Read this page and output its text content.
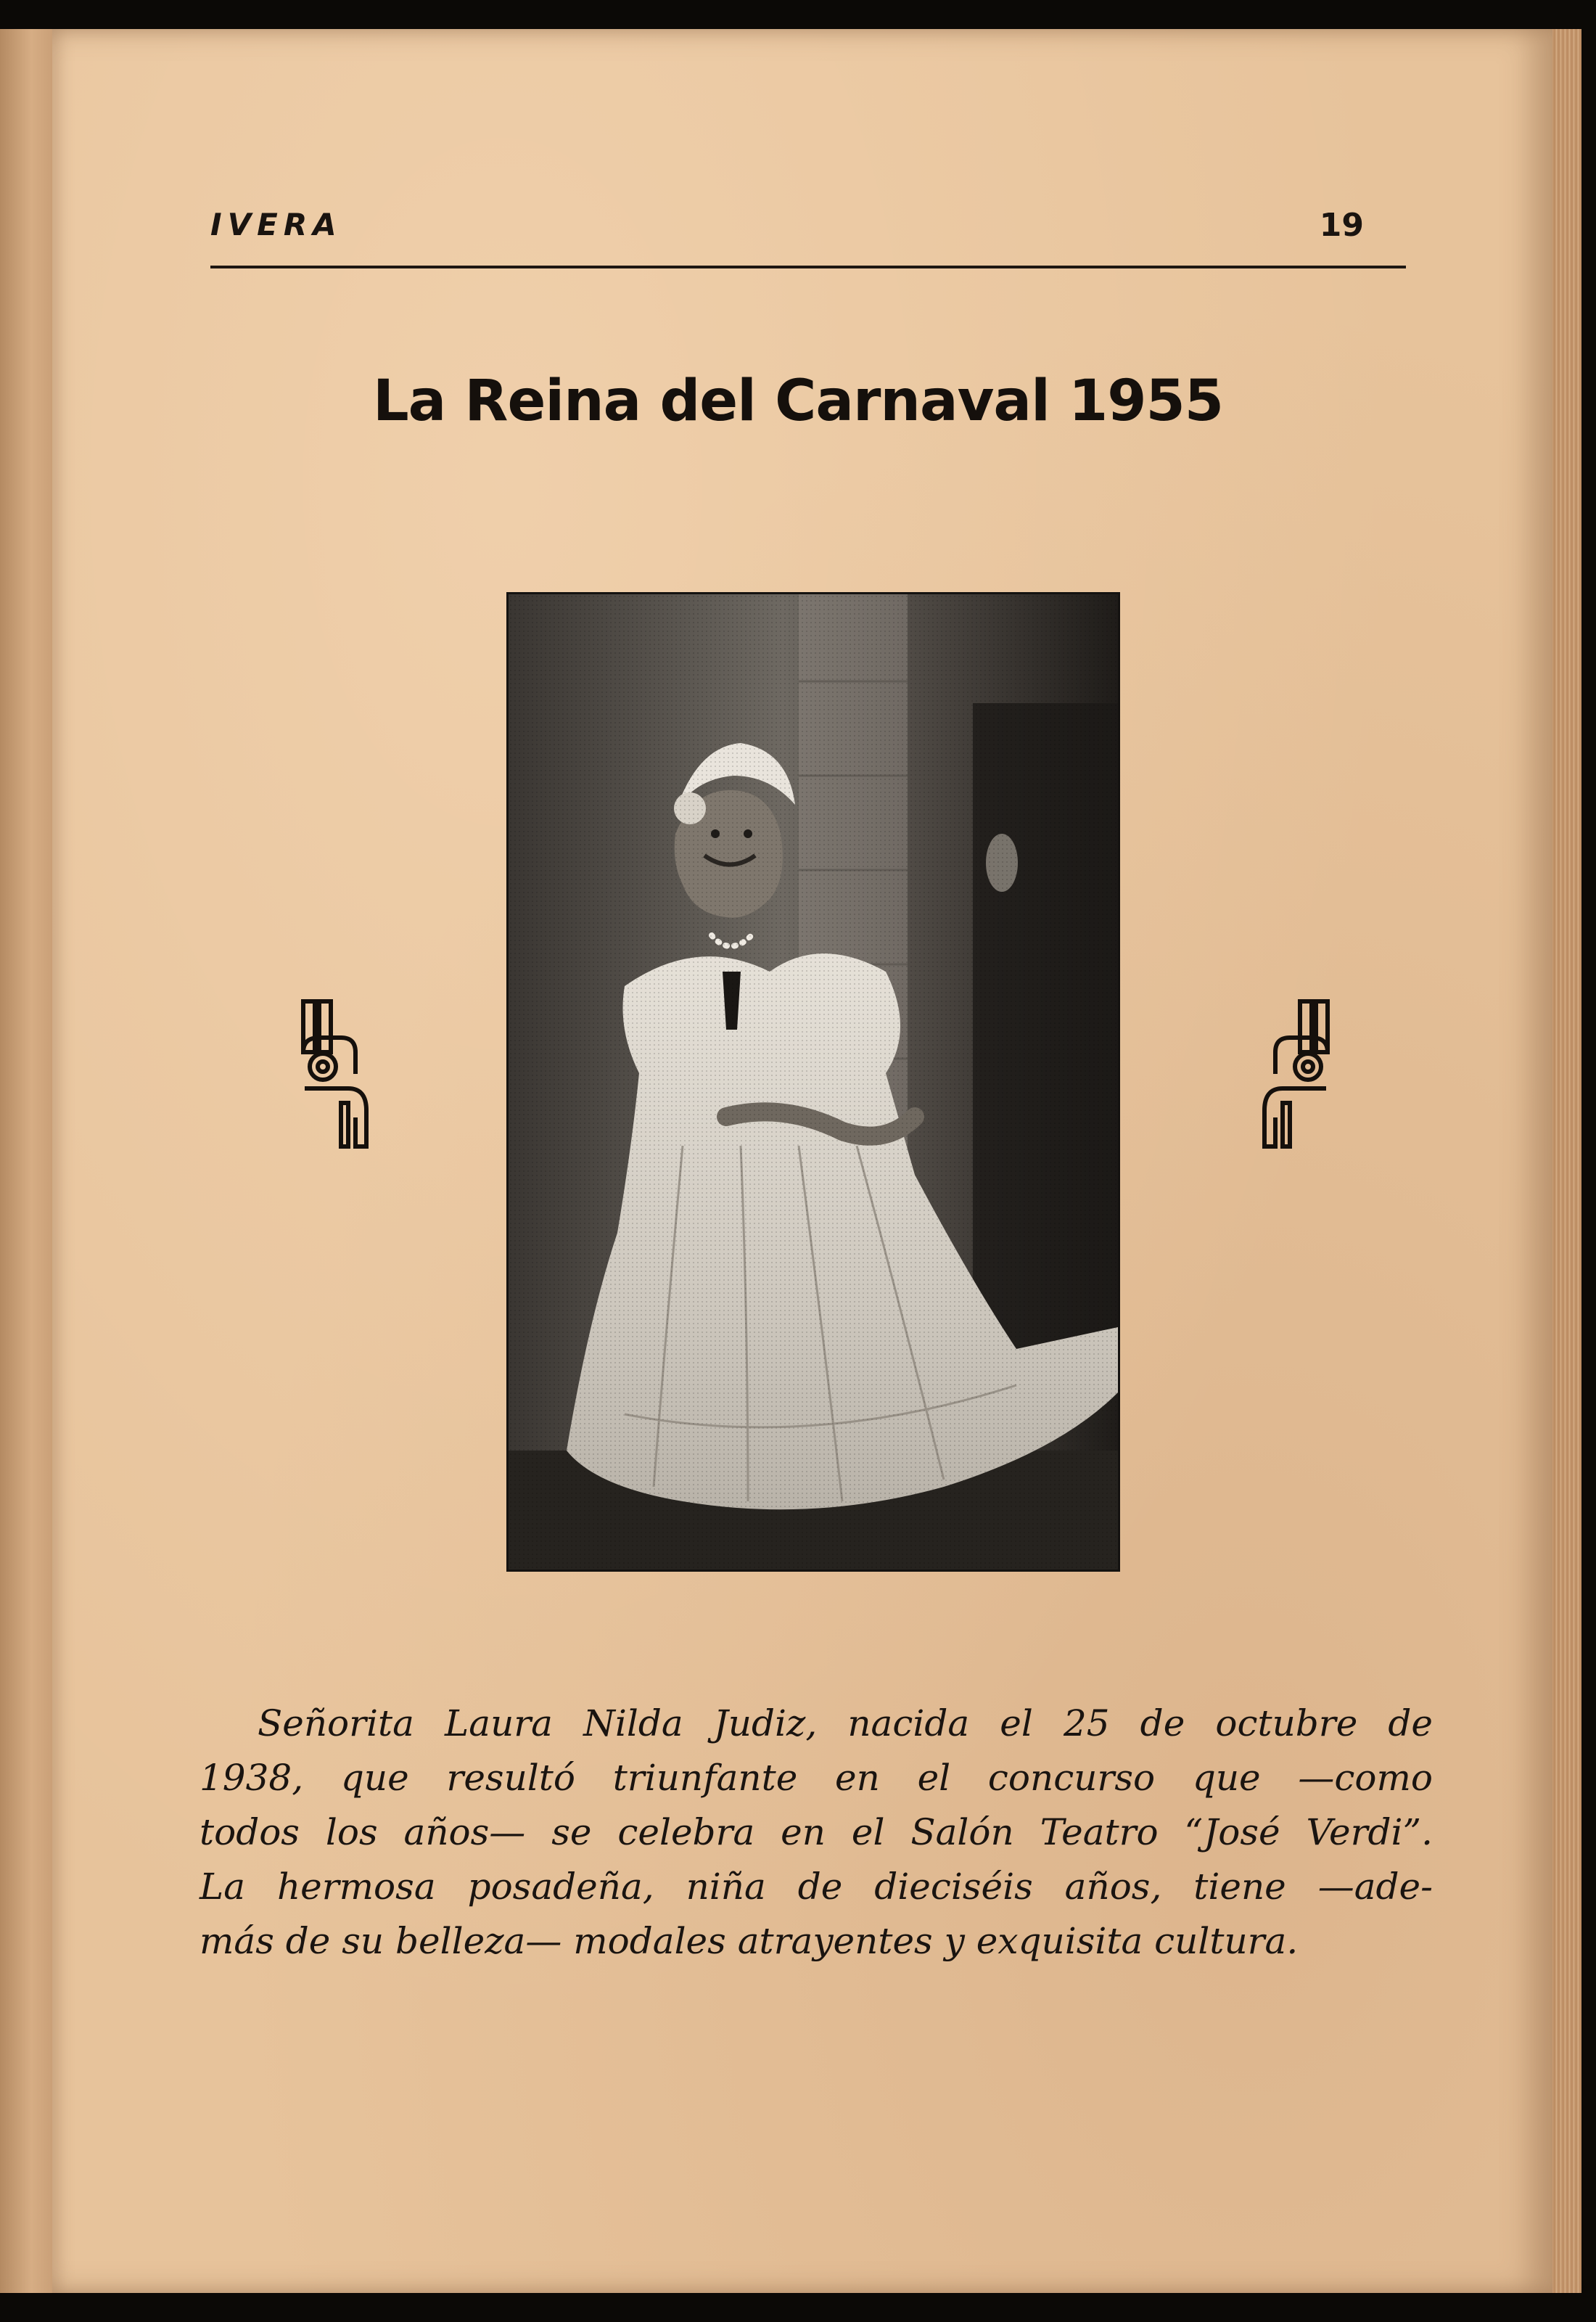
IVERA	19
La Reina del Carnaval 1955
Señorita Laura Nilda Judiz, nacida el 25 de octubre de
1938, que resultó triunfante en el concurso que —como
todos los años— se celebra en el Salón Teatro “José Verdi”.
La hermosa posadeña, niña de dieciséis años, tiene —ade-
más de su belleza— modales atrayentes y exquisita cultura.
